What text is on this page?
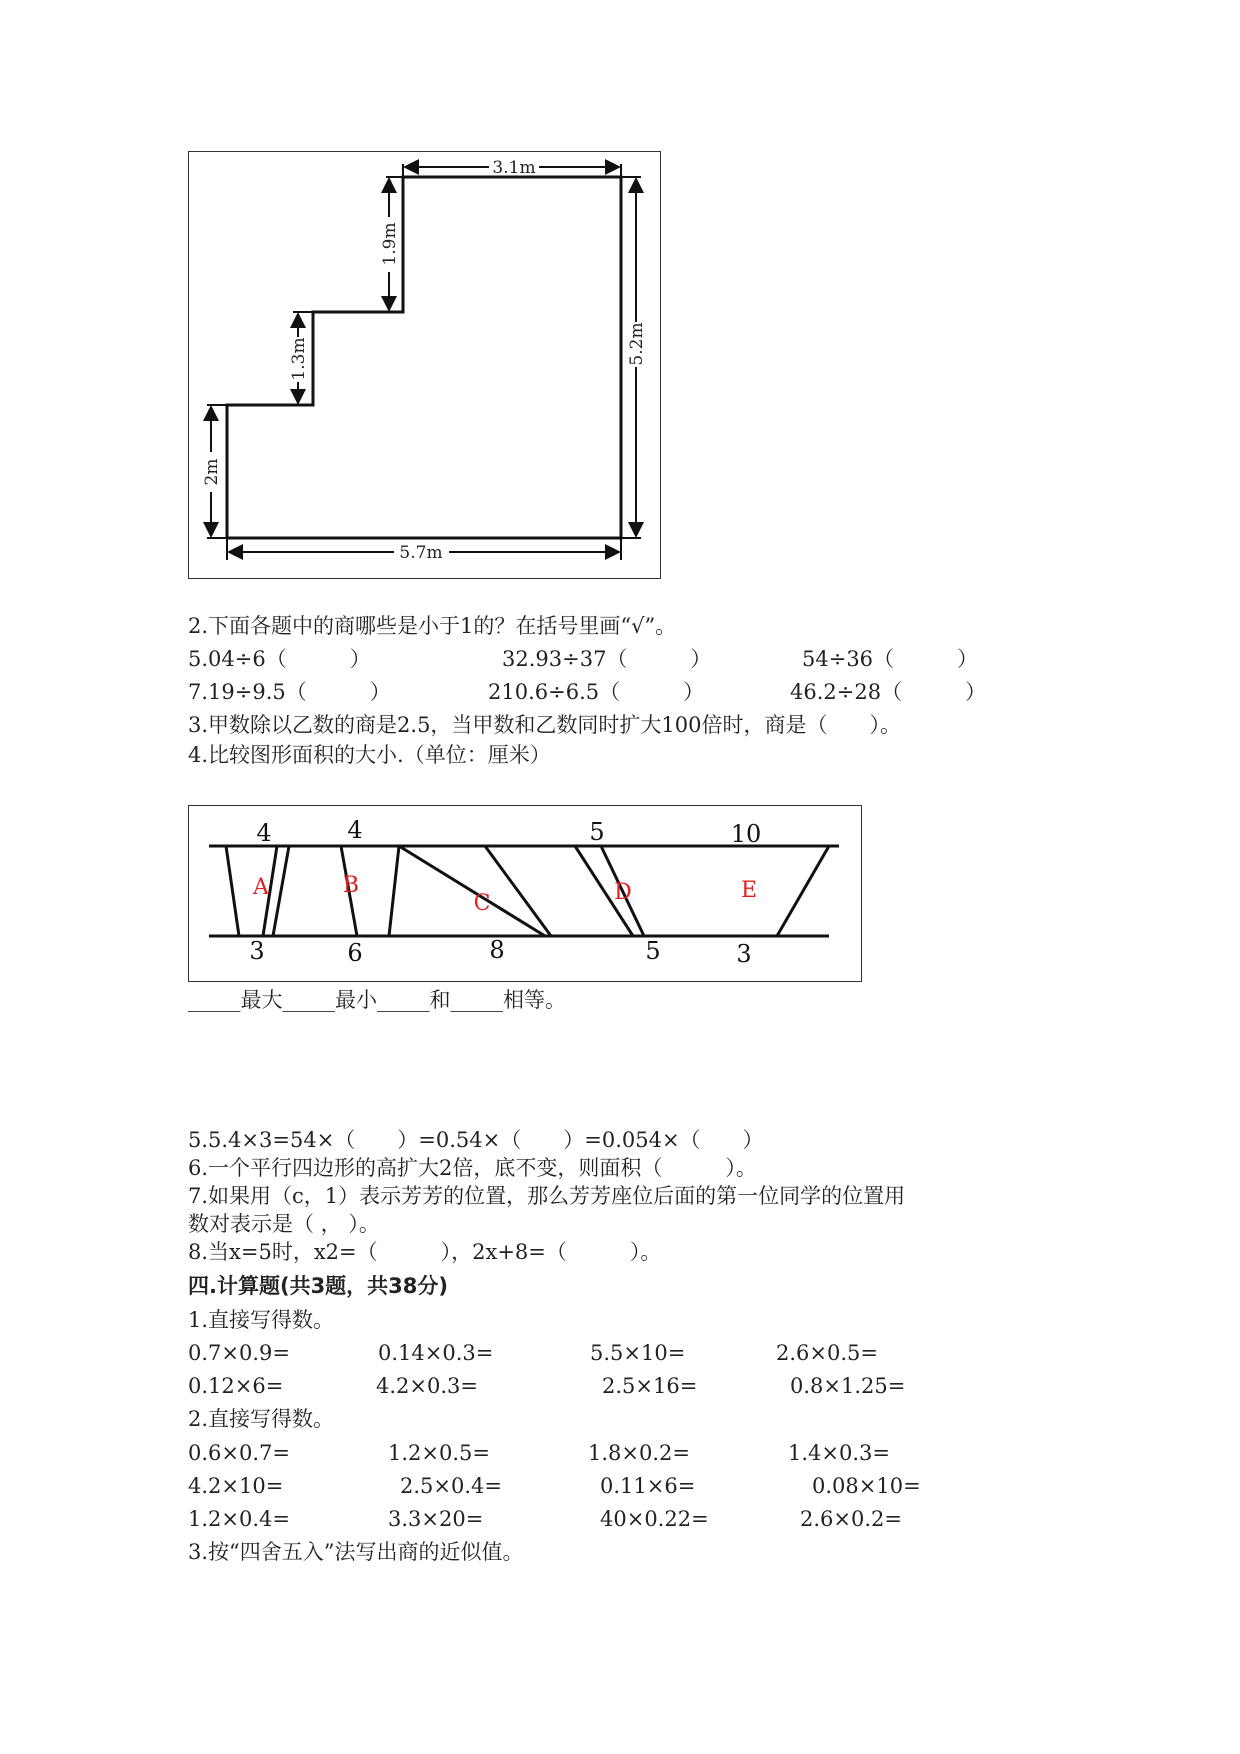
3.1m
1.9m
1.3m	5.2m
2m
5.7m
2.下面各题中的商哪些是小于1的？在括号里画“√”。
5.04÷6（　　　）	32.93÷37（　　　）	54÷36（　　　）
7.19÷9.5（　　　）	210.6÷6.5（　　　）	46.2÷28（　　　）
3.甲数除以乙数的商是2.5，当甲数和乙数同时扩大100倍时，商是（　　）。
4.比较图形面积的大小.（单位：厘米）
4	4	5	10
3	6	8	5	3
A	B
C	D	E
_____最大_____最小_____和_____相等。
5.5.4×3=54×（　　）=0.54×（　　）=0.054×（　　）
6.一个平行四边形的高扩大2倍，底不变，则面积（　　　）。
7.如果用（c，1）表示芳芳的位置，那么芳芳座位后面的第一位同学的位置用
数对表示是（ ， ）。
8.当x=5时，x2=（　　　），2x+8=（　　　）。
四.计算题(共3题，共38分)
1.直接写得数。
0.7×0.9=	0.14×0.3=	5.5×10=	2.6×0.5=
0.12×6=	4.2×0.3=	2.5×16=	0.8×1.25=
2.直接写得数。
0.6×0.7=	1.2×0.5=	1.8×0.2=	1.4×0.3=
4.2×10=	2.5×0.4=	0.11×6=	0.08×10=
1.2×0.4=	3.3×20=	40×0.22=	2.6×0.2=
3.按“四舍五入”法写出商的近似值。
